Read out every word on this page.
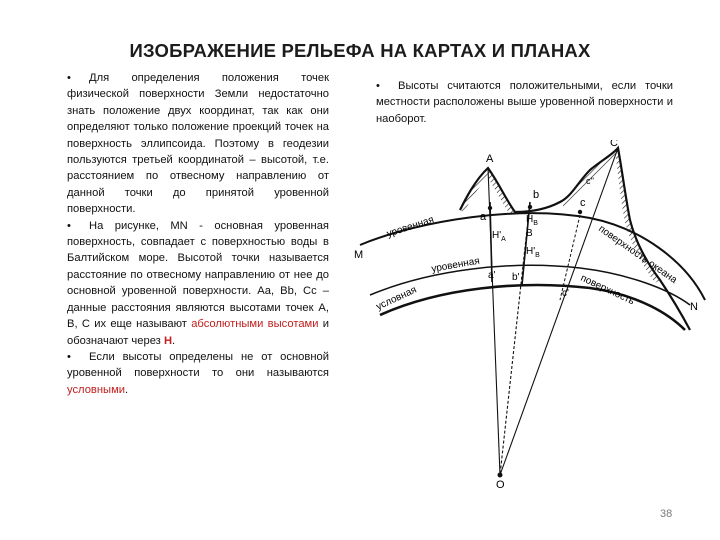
ИЗОБРАЖЕНИЕ РЕЛЬЕФА НА КАРТАХ И ПЛАНАХ

• Для определения положения точек физической поверхности Земли недостаточно знать положение двух координат, так как они определяют только положение проекций точек на поверхность эллипсоида. Поэтому в геодезии пользуются третьей координатой – высотой, т.е. расстоянием по отвесному направлению от данной точки до принятой уровенной поверхности.

• На рисунке, MN - основная уровенная поверхность, совпадает с поверхностью воды в Балтийском море. Высотой точки называется расстояние по отвесному направлению от нее до основной уровенной поверхности. Aa, Bb, Cc – данные расстояния являются высотами точек A, B, C их еще называют абсолютными высотами и обозначают через H.

• Если высоты определены не от основной уровенной поверхности то они называются условными.

• Высоты считаются положительными, если точки местности расположены выше уровенной поверхности и наоборот.

A
C
M
N
O
b
c
a	$H_B$
$H'_A$
B
$H'_B$
c''
a' b'
c'
уровенная	поверхность океана
уровенная
поверхность
условная
38
